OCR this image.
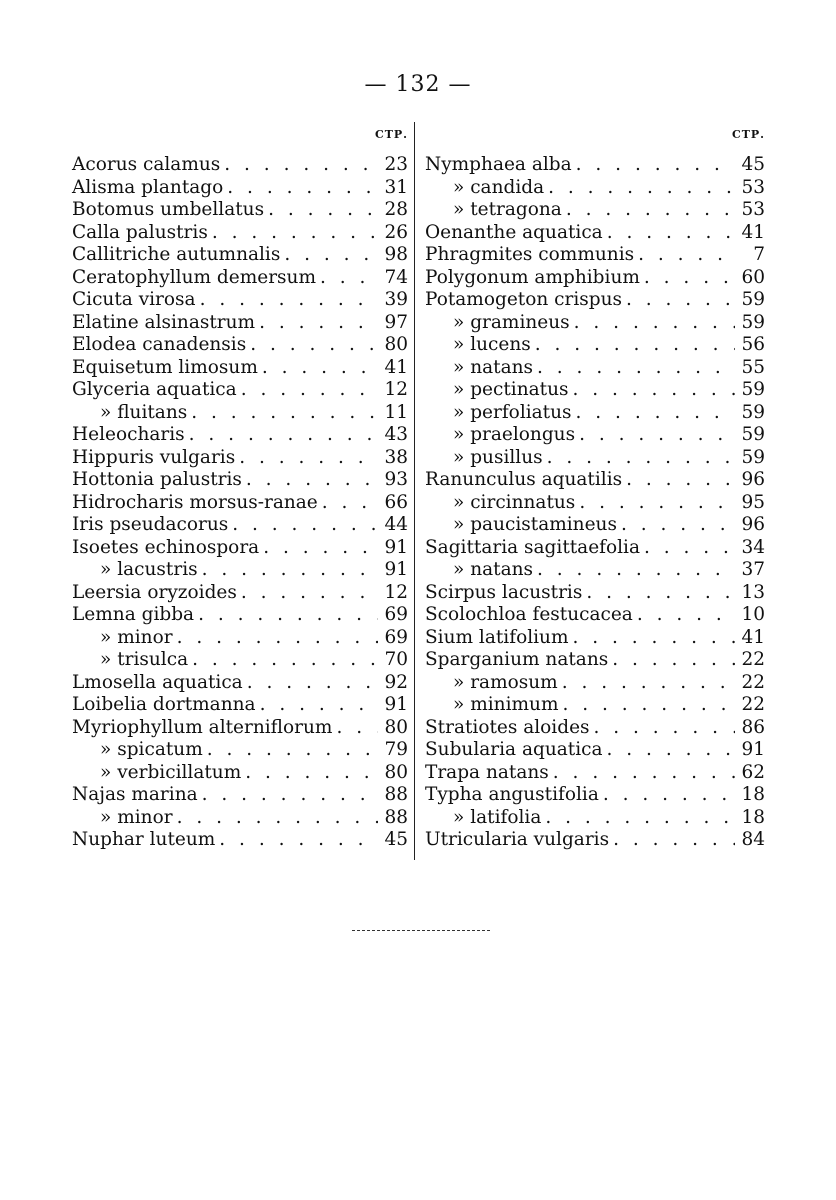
— 132 —
СТР.
Acorus calamus . . .	23
Alisma plantago . . .	31
Botomus umbellatus . . .	28
Calla palustris . . .	26
Callitriche autumnalis . . .	98
Ceratophyllum demersum . . .	74
Cicuta virosa . . .	39
Elatine alsinastrum . . .	97
Elodea canadensis . . .	80
Equisetum limosum . . .	41
Glyceria aquatica . . .	12
» fluitans . . .	11
Heleocharis . . .	43
Hippuris vulgaris . . .	38
Hottonia palustris . . .	93
Hidrocharis morsus-ranae . . .	66
Iris pseudacorus . . .	44
Isoetes echinospora . . .	91
» lacustris . . .	91
Leersia oryzoides . . .	12
Lemna gibba . . .	69
» minor . . .	69
» trisulca . . .	70
Lmosella aquatica . . .	92
Loibelia dortmanna . . .	91
Myriophyllum alterniflorum . . .	80
» spicatum . . .	79
» verbicillatum . . .	80
Najas marina . . .	88
» minor . . .	88
Nuphar luteum . . .	45
СТР.
Nymphaea alba . . .	45
» candida . . .	53
» tetragona . . .	53
Oenanthe aquatica . . .	41
Phragmites communis . . .	7
Polygonum amphibium . . .	60
Potamogeton crispus . . .	59
» gramineus . . .	59
» lucens . . .	56
» natans . . .	55
» pectinatus . . .	59
» perfoliatus . . .	59
» praelongus . . .	59
» pusillus . . .	59
Ranunculus aquatilis . . .	96
» circinnatus . . .	95
» paucistamineus . . .	96
Sagittaria sagittaefolia . . .	34
» natans . . .	37
Scirpus lacustris . . .	13
Scolochloa festucacea . . .	10
Sium latifolium . . .	41
Sparganium natans . . .	22
» ramosum . . .	22
» minimum . . .	22
Stratiotes aloides . . .	86
Subularia aquatica . . .	91
Trapa natans . . .	62
Typha angustifolia . . .	18
» latifolia . . .	18
Utricularia vulgaris . . .	84
